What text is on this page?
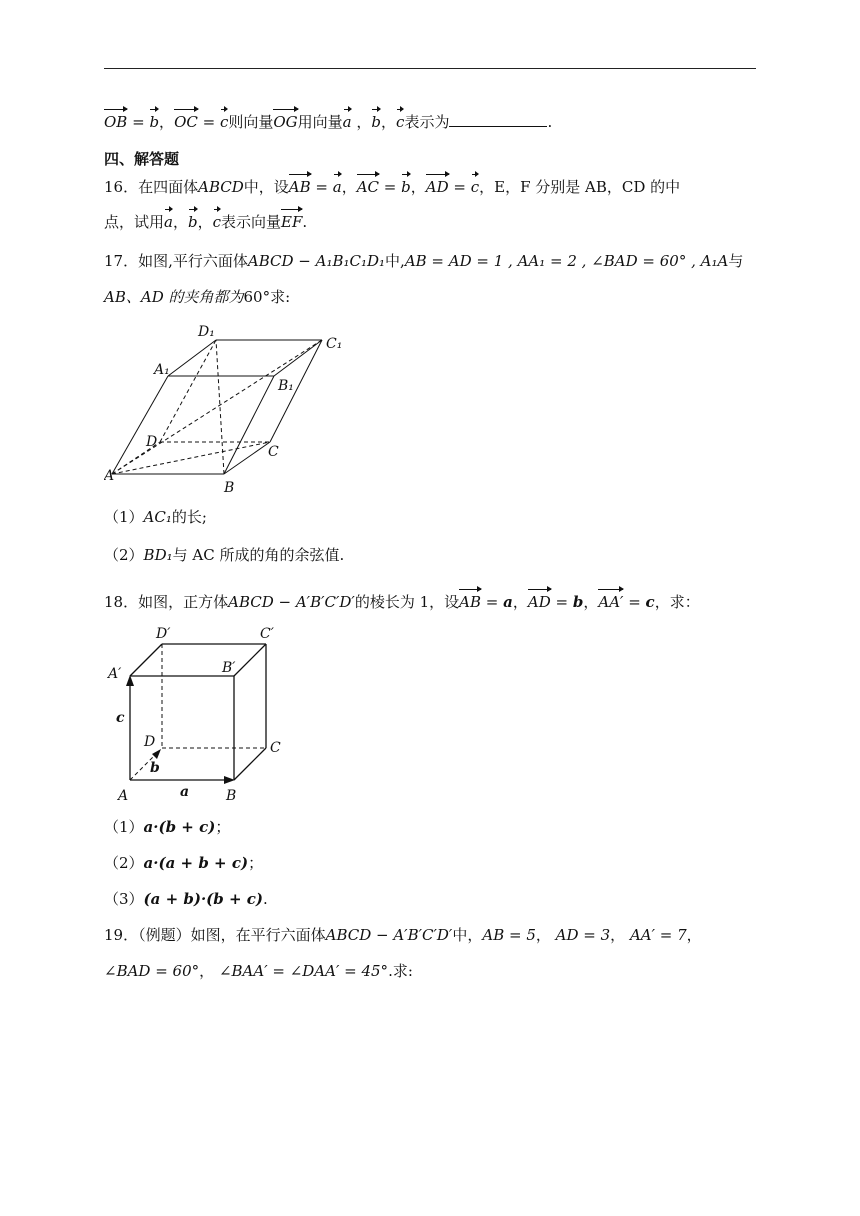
OB = b，OC = c则向量OG用向量a ，b，c表示为	.
四、解答题
16．在四面体ABCD中，设AB = a，AC = b，AD = c，E，F 分别是 AB，CD 的中
点，试用a，b，c表示向量EF.
17．如图,平行六面体ABCD − A₁B₁C₁D₁中,AB = AD = 1 , AA₁ = 2 , ∠BAD = 60° , A₁A与
AB、AD 的夹角都为60°求:
D₁
C₁
A₁
B₁
D
C
A
B
（1）AC₁的长;
（2）BD₁与 AC 所成的角的余弦值.
18．如图，正方体ABCD − A′B′C′D′的棱长为 1，设AB = a，AD = b，AA′ = c，求：
D′	C′
A′	B′
D	C
A	B
c
b
a
（1）a·(b + c)；
（2）a·(a + b + c)；
（3）(a + b)·(b + c).
19．（例题）如图，在平行六面体ABCD − A′B′C′D′中，AB = 5， AD = 3， AA′ = 7，
∠BAD = 60°， ∠BAA′ = ∠DAA′ = 45°.求:
